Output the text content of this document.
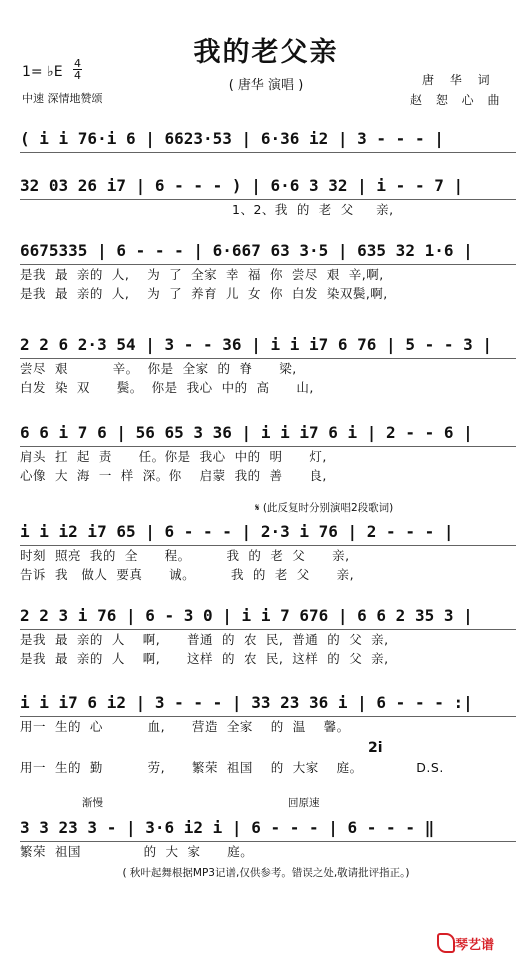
我的老父亲
( 唐华 演唱 )	唐 华 词
赵 恕 心 曲
1= ♭E
4
4
中速 深情地赞颂
( i i 76·i 6 | 6623·53 | 6·36 i2 | 3 - - - |
32 03 26 i7 | 6 - - - ) | 6·6 3 32 | i - - 7 |
1、2、我  的  老  父     亲,
6675335 | 6 - - - | 6·667 63 3·5 | 635 32 1·6 |
是我  最  亲的  人,    为  了  全家  幸  福  你  尝尽  艰  辛,啊,
是我  最  亲的  人,    为  了  养育  儿  女  你  白发  染双鬓,啊,
2 2 6 2·3 54 | 3 - - 36 | i i i7 6 76 | 5 - - 3 |
尝尽  艰          辛。  你是  全家  的  脊      梁,
白发  染  双      鬓。  你是  我心  中的  高      山,
6 6 i 7 6 | 56 65 3 36 | i i i7 6 i | 2 - - 6 |
肩头  扛  起  责      任。你是  我心  中的  明      灯,
心像  大  海  一  样  深。你    启蒙  我的  善      良,
𝄋 (此反复时分别演唱2段歌词)
i i i2 i7 65 | 6 - - - | 2·3 i 76 | 2 - - - |
时刻  照亮  我的  全      程。        我  的  老  父      亲,
告诉  我   做人  要真      诚。        我  的  老  父      亲,
2 2 3 i 76 | 6 - 3 0 | i i 7 676 | 6 6 2 35 3 |
是我  最  亲的  人    啊,      普通  的  农  民,  普通  的  父  亲,
是我  最  亲的  人    啊,      这样  的  农  民,  这样  的  父  亲,
i i i7 6 i2 | 3 - - - | 33 23 36 i | 6 - - - :|
用一  生的  心          血,      营造  全家    的  温    馨。
用一  生的  勤          劳,      繁荣  祖国    的  大家    庭。            D.S.
2i
渐慢	回原速
3 3 23 3 - | 3·6 i2 i | 6 - - - | 6 - - - ‖
繁荣  祖国              的  大  家      庭。
( 秋叶起舞根据MP3记谱,仅供参考。错误之处,敬请批评指正。)
琴艺谱
